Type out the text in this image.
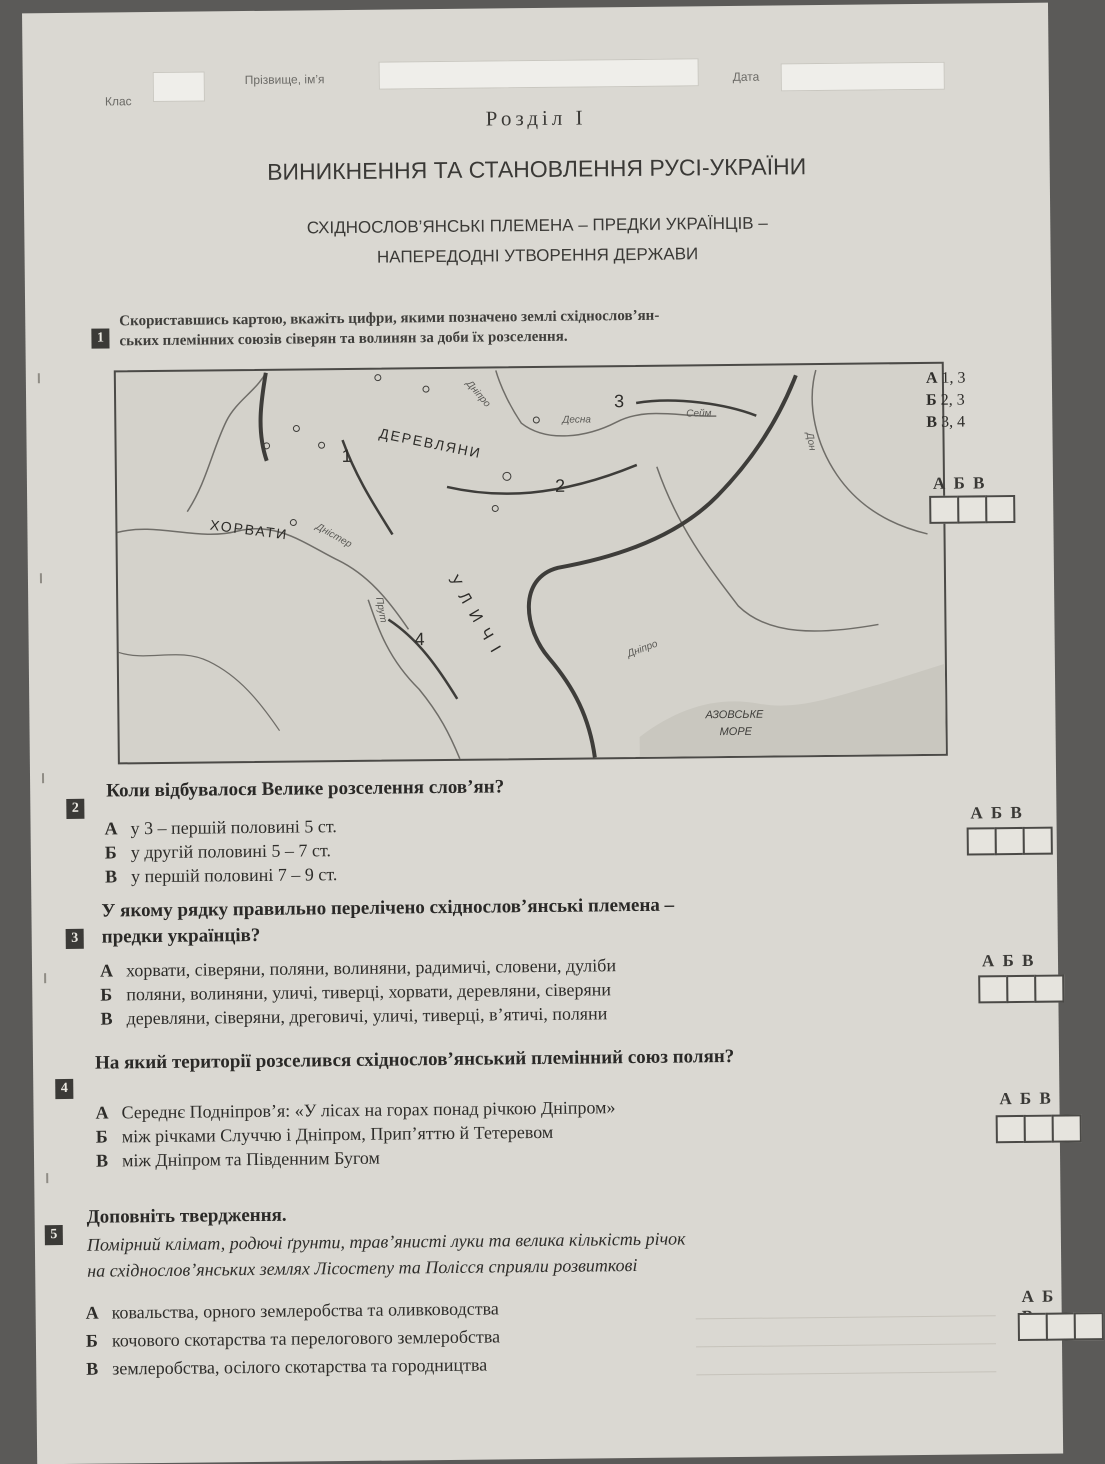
Клас
Прізвище, ім’я	Дата
Розділ I
ВИНИКНЕННЯ ТА СТАНОВЛЕННЯ РУСІ-УКРАЇНИ
СХІДНОСЛОВ’ЯНСЬКІ ПЛЕМЕНА – ПРЕДКИ УКРАЇНЦІВ –
НАПЕРЕДОДНІ УТВОРЕННЯ ДЕРЖАВИ
1
Скориставшись картою, вкажіть цифри, якими позначено землі східнослов’ян-
ських племінних союзів сіверян та волинян за доби їх розселення.
ДЕРЕВЛЯНИ
ХОРВАТИ
УЛИЧІ
1
2
3
4
Дніпро
Десна
Сейм
Дністер
Прут
Дон
Дніпро
АЗОВСЬКЕ
МОРЕ
А 1, 3
Б 2, 3
В 3, 4
А Б В
2
Коли відбувалося Велике розселення слов’ян?
А у 3 – першій половині 5 ст.
Б у другій половині 5 – 7 ст.
В у першій половині 7 – 9 ст.
А Б В
3
У якому рядку правильно перелічено східнослов’янські племена –
предки українців?
А хорвати, сіверяни, поляни, волиняни, радимичі, словени, дуліби
Б поляни, волиняни, уличі, тиверці, хорвати, деревляни, сіверяни
В деревляни, сіверяни, дреговичі, уличі, тиверці, в’ятичі, поляни
А Б В
4
На який території розселився східнослов’янський племінний союз полян?
А Середнє Подніпров’я: «У лісах на горах понад річкою Дніпром»
Б між річками Случчю і Дніпром, Прип’яттю й Тетеревом
В між Дніпром та Південним Бугом
А Б В
5
Доповніть твердження.
Помірний клімат, родючі ґрунти, трав’янисті луки та велика кількість річок
на східнослов’янських землях Лісостепу та Полісся сприяли розвиткові
А ковальства, орного землеробства та оливководства
Б кочового скотарства та перелогового землеробства
В землеробства, осілого скотарства та городництва
А Б
